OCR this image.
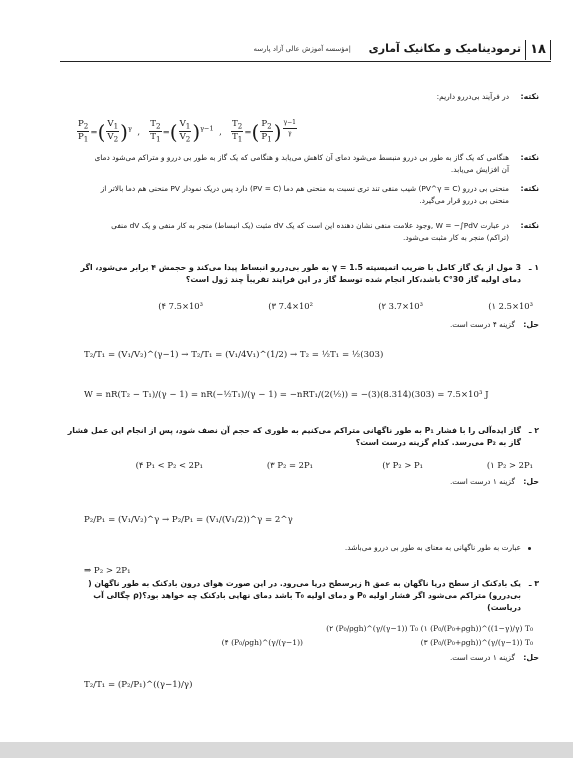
۱۸
ترمودینامیک و مکانیک آماری
|مؤسسه آموزش عالی آزاد پارسه
نکته:
در فرآیند بی‌دررو داریم:
$\frac{P_2}{P_1}$ =( $\frac{V_1}{V_2} )^\gamma$ , $\frac{T_2}{T_1}$ =( $\frac{V_1}{V_2} )^{\gamma-1}$ , $\frac{T_2}{T_1}$ =( $\frac{P_2}{P_1}$ ) $^{\frac{\gamma-1}{\gamma}}$
نکته:
هنگامی که یک گاز به طور بی دررو منبسط می‌شود دمای آن کاهش می‌یابد و هنگامی که یک گاز به طور بی دررو و متراکم می‌شود دمای آن افزایش می‌یابد.
نکته:
منحنی بی دررو (PV^γ = C) شیب منفی تند تری نسبت به منحنی هم دما (PV = C) دارد پس دریک نمودار PV منحنی هم دما بالاتر از منحنی بی دررو قرار می‌گیرد.
نکته:
در عبارت W = −∫PdV ,وجود علامت منفی نشان دهنده این است که یک dV مثبت (یک انبساط) منجر به کار منفی و یک dV منفی (تراکم) منجر به کار مثبت می‌شود.
۱ ـ
3 مول از یک گاز کامل با ضریب اتمیسیته γ = 1.5 به طور بی‌دررو انبساط پیدا می‌کند و حجمش ۴ برابر می‌شود، اگر دمای اولیه گاز 30°C باشد،کار انجام شده توسط گاز در این فرایند تقریباً چند ژول است؟
(۱ 2.5×10³
(۲ 3.7×10³
(۳ 7.4×10²
(۴ 7.5×10³
حل:
گزینه ۴ درست است.
T₂/T₁ = (V₁/V₂)^(γ−1) → T₂/T₁ = (V₁/4V₁)^(1/2) → T₂ = ½T₁ = ½(303)
W = nR(T₂ − T₁)/(γ − 1) = nR(−½T₁)/(γ − 1) = −nRT₁/(2(½)) = −(3)(8.314)(303) = 7.5×10³ J
۲ ـ
گاز ایده‌آلی را با فشار P₁ به طور ناگهانی متراکم می‌کنیم به طوری که حجم آن نصف شود، پس از انجام این عمل فشار گاز به P₂ می‌رسد. کدام گزینه درست است؟
(۱ P₂ > 2P₁
(۲ P₂ > P₁
(۳ P₂ = 2P₁
(۴ P₁ < P₂ < 2P₁
حل:
گزینه ۱ درست است.
P₂/P₁ = (V₁/V₂)^γ → P₂/P₁ = (V₁/(V₁/2))^γ = 2^γ
عبارت به طور ناگهانی به معنای به طور بی دررو می‌باشد.
⇒ P₂ > 2P₁
۳ ـ
یک بادکنک از سطح دریا ناگهان به عمق h زیرسطح دریا می‌رود. در این صورت هوای درون بادکنک به طور ناگهان ( بی‌دررو) متراکم می‌شود اگر فشار اولیه P₀ و دمای اولیه T₀ باشد دمای نهایی بادکنک چه خواهد بود؟(ρ چگالی آب دریاست)
(۱ (P₀/(P₀+ρgh))^((1−γ)/γ) T₀
(۲ (P₀/ρgh)^(γ/(γ−1)) T₀
(۳ (P₀/(P₀+ρgh))^(γ/(γ−1)) T₀
(۴ (P₀/ρgh)^(γ/(γ−1))
حل:
گزینه ۱ درست است.
T₂/T₁ = (P₂/P₁)^((γ−1)/γ)
